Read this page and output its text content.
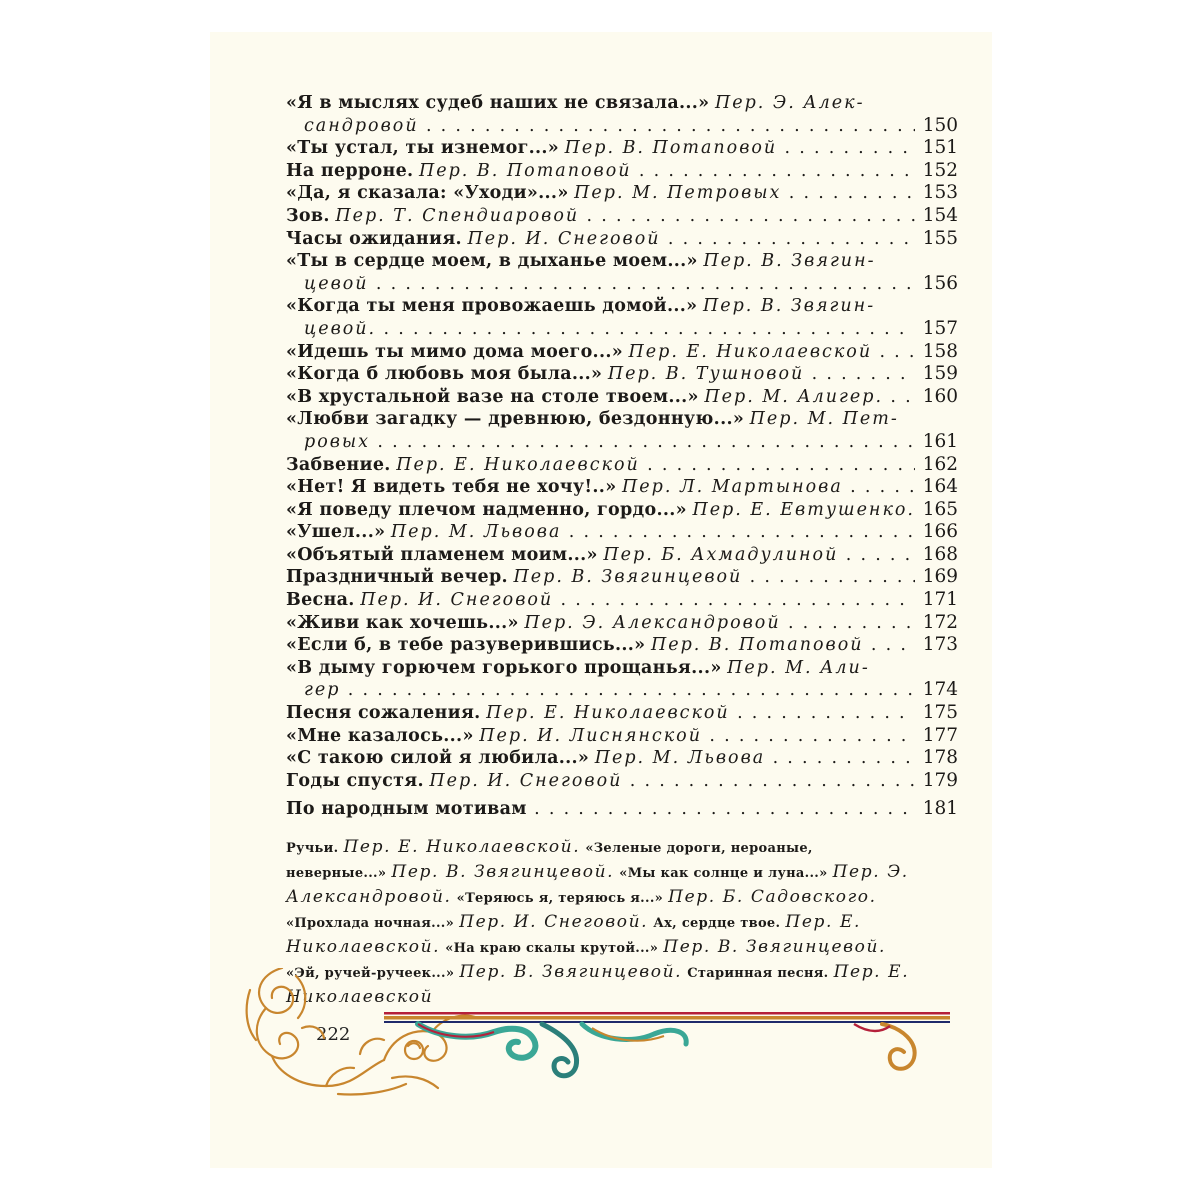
«Я в мыслях судеб наших не связала...» Пер. Э. Алек-
сандровой . . .	150
«Ты устал, ты изнемог...» Пер. В. Потаповой . . .	151
На перроне. Пер. В. Потаповой . . .	152
«Да, я сказала: «Уходи»...» Пер. М. Петровых . . .	153
Зов. Пер. Т. Спендиаровой . . .	154
Часы ожидания. Пер. И. Снеговой . . .	155
«Ты в сердце моем, в дыханье моем...» Пер. В. Звягин-
цевой . . .	156
«Когда ты меня провожаешь домой...» Пер. В. Звягин-
цевой. . . .	157
«Идешь ты мимо дома моего...» Пер. Е. Николаевской . . .	158
«Когда б любовь моя была...» Пер. В. Тушновой . . .	159
«В хрустальной вазе на столе твоем...» Пер. М. Алигер. . . .	160
«Любви загадку — древнюю, бездонную...» Пер. М. Пет-
ровых . . .	161
Забвение. Пер. Е. Николаевской . . .	162
«Нет! Я видеть тебя не хочу!..» Пер. Л. Мартынова . . .	164
«Я поведу плечом надменно, гордо...» Пер. Е. Евтушенко. . . . 165
«Ушел...» Пер. М. Львова . . .	166
«Объятый пламенем моим...» Пер. Б. Ахмадулиной . . .	168
Праздничный вечер. Пер. В. Звягинцевой . . .	169
Весна. Пер. И. Снеговой . . .	171
«Живи как хочешь...» Пер. Э. Александровой . . .	172
«Если б, в тебе разуверившись...» Пер. В. Потаповой . . .	173
«В дыму горючем горького прощанья...» Пер. М. Али-
гер . . .	174
Песня сожаления. Пер. Е. Николаевской . . .	175
«Мне казалось...» Пер. И. Лиснянской . . .	177
«С такою силой я любила...» Пер. М. Львова . . .	178
Годы спустя. Пер. И. Снеговой . . .	179
По народным мотивам . . .	181
Ручьи. Пер. Е. Николаевской. «Зеленые дороги, нероаные, неверные...» Пер. В. Звягинцевой. «Мы как солнце и луна...» Пер. Э. Александровой. «Теряюсь я, теряюсь я...» Пер. Б. Садовского. «Прохлада ночная...» Пер. И. Снеговой. Ах, сердце твое. Пер. Е. Николаевской. «На краю скалы крутой...» Пер. В. Звягинцевой. «Эй, ручей-ручеек...» Пер. В. Звягинцевой. Старинная песня. Пер. Е. Николаевской
222
